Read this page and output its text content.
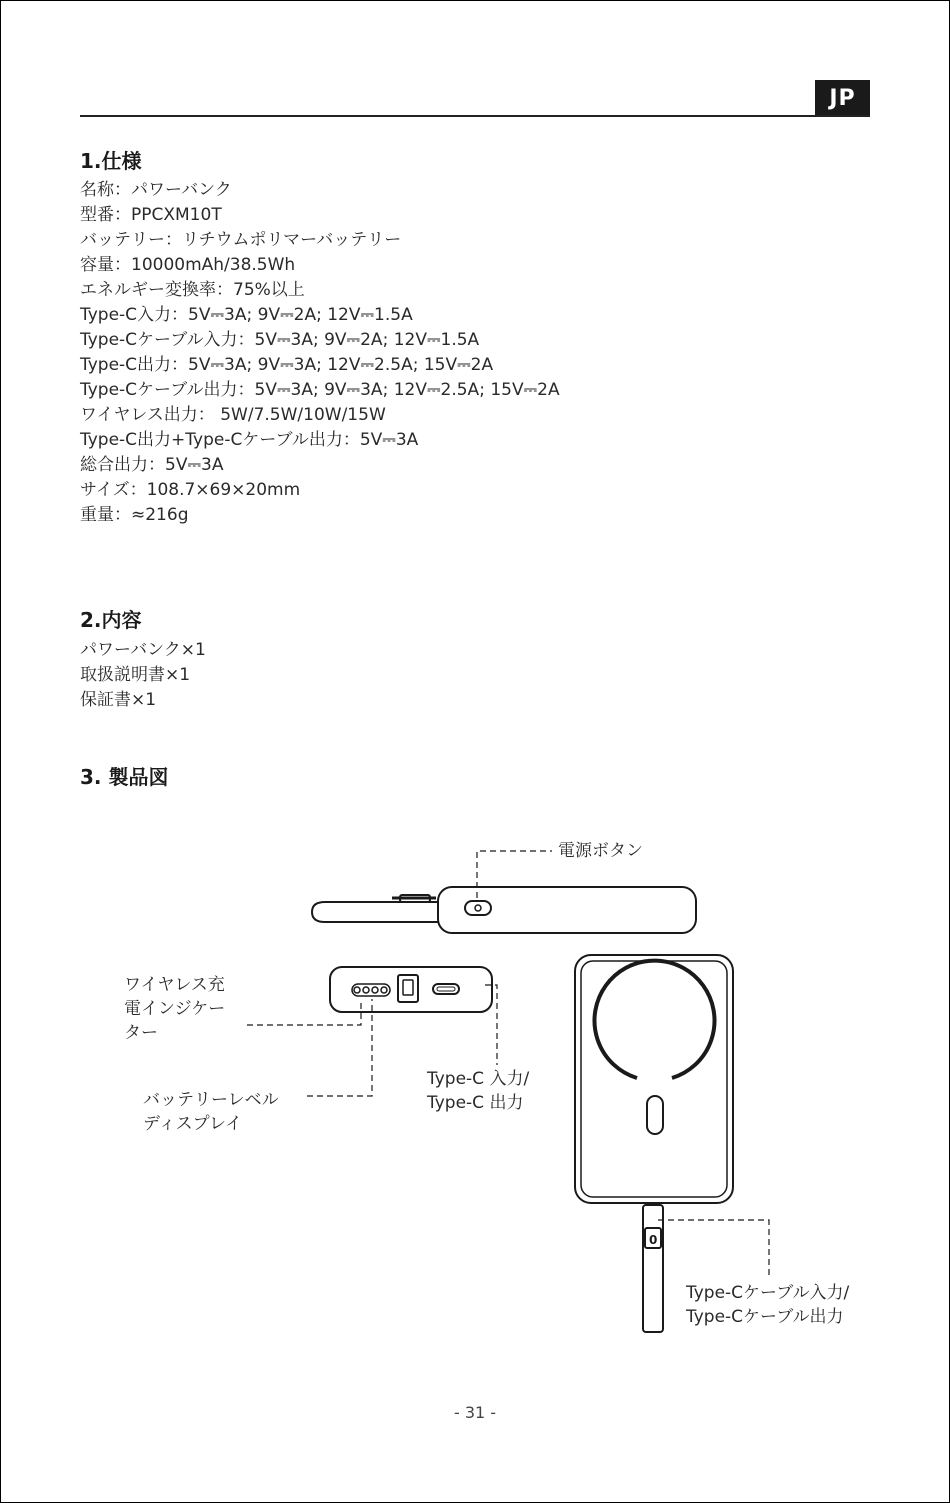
JP
1.仕様
名称：パワーバンク
型番：PPCXM10T
バッテリー：リチウムポリマーバッテリー
容量：10000mAh/38.5Wh
エネルギー変換率：75%以上
Type-C入力：5V⎓3A; 9V⎓2A; 12V⎓1.5A
Type-Cケーブル入力：5V⎓3A; 9V⎓2A; 12V⎓1.5A
Type-C出力：5V⎓3A; 9V⎓3A; 12V⎓2.5A; 15V⎓2A
Type-Cケーブル出力：5V⎓3A; 9V⎓3A; 12V⎓2.5A; 15V⎓2A
ワイヤレス出力： 5W/7.5W/10W/15W
Type-C出力+Type-Cケーブル出力：5V⎓3A
総合出力：5V⎓3A
サイズ：108.7×69×20mm
重量：≈216g
2.内容
パワーバンク×1
取扱説明書×1
保証書×1
3. 製品図
0
電源ボタン
ワイヤレス充
電インジケー
ター
バッテリーレベル
ディスプレイ
Type-C 入力/
Type-C 出力
Type-Cケーブル入力/
Type-Cケーブル出力
- 31 -
